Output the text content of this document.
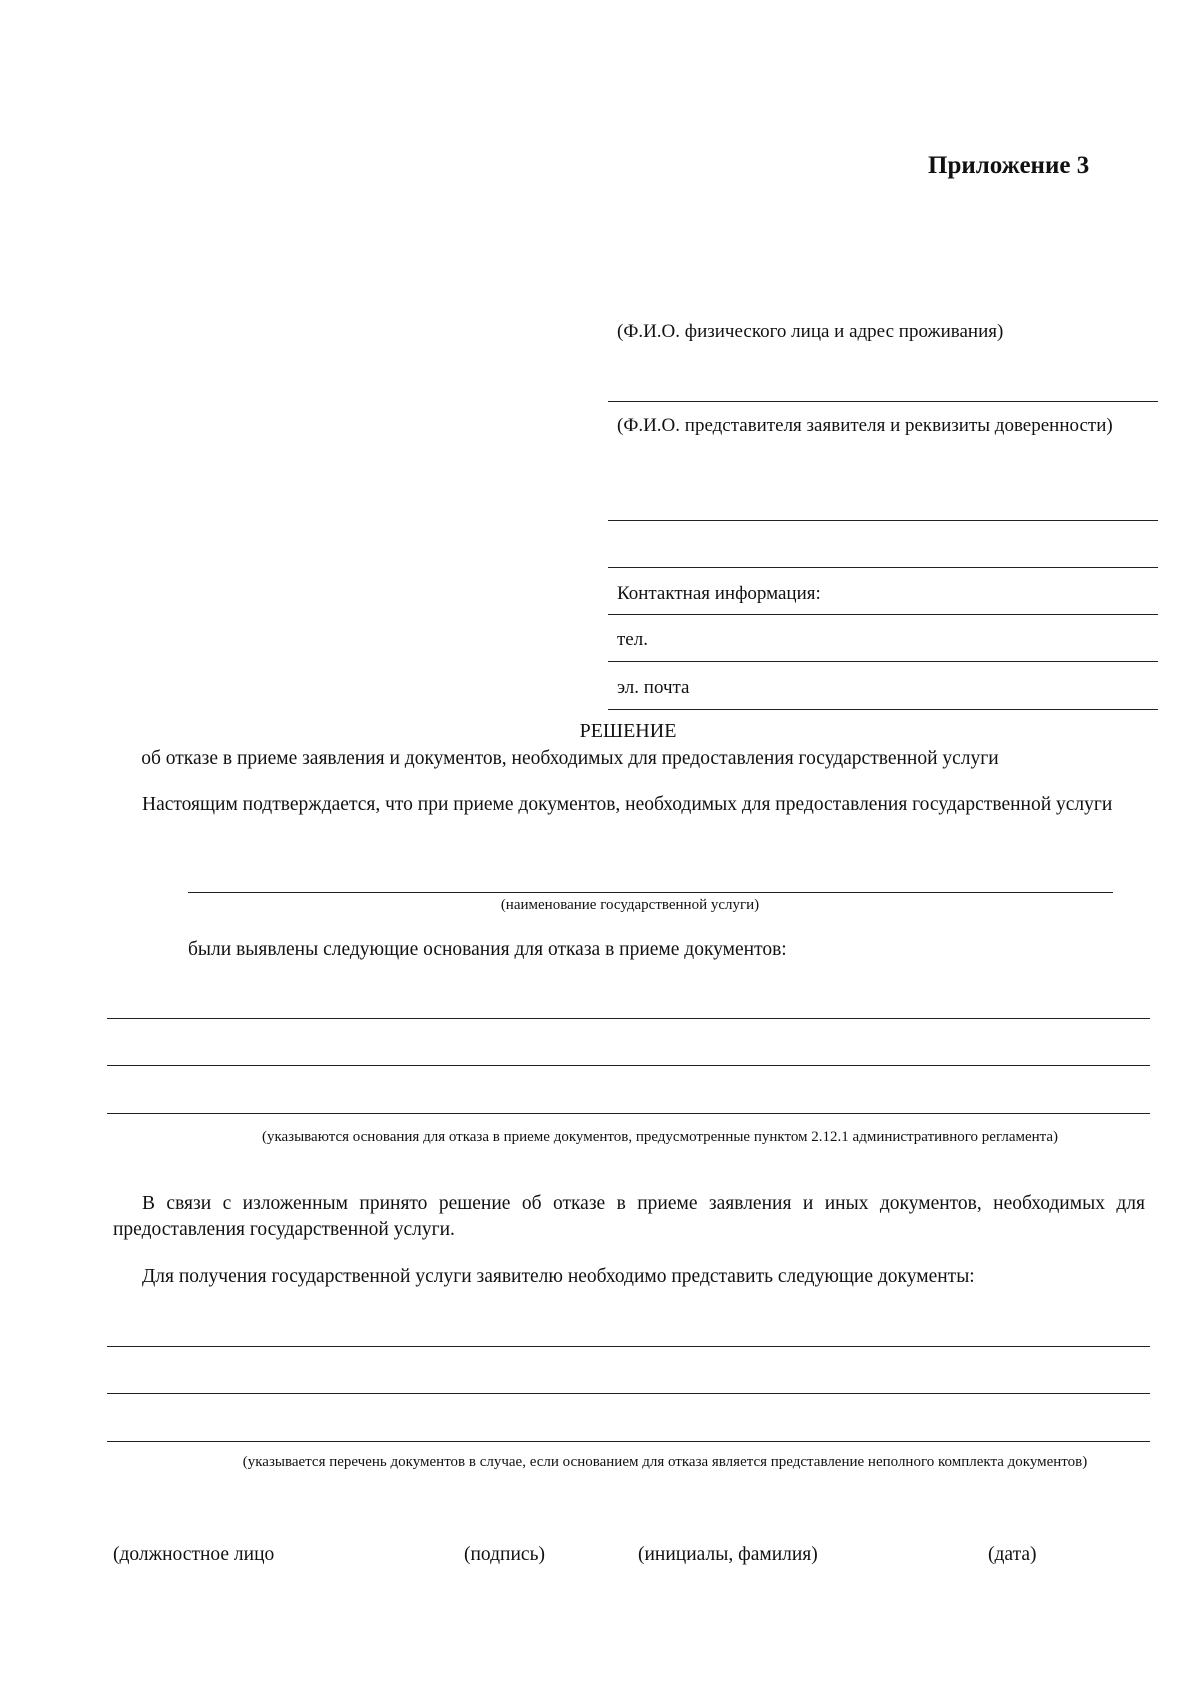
Приложение 3
(Ф.И.О. физического лица и адрес проживания)
(Ф.И.О. представителя заявителя и реквизиты доверенности)
Контактная информация:
тел.
эл. почта
РЕШЕНИЕ
об отказе в приеме заявления и документов, необходимых для предоставления государственной услуги
Настоящим подтверждается, что при приеме документов, необходимых для предоставления государственной услуги
(наименование государственной услуги)
были выявлены следующие основания для отказа в приеме документов:
(указываются основания для отказа в приеме документов, предусмотренные пунктом 2.12.1 административного регламента)
В связи с изложенным принято решение об отказе в приеме заявления и иных документов, необходимых для предоставления государственной услуги.
Для получения государственной услуги заявителю необходимо представить следующие документы:
(указывается перечень документов в случае, если основанием для отказа является представление неполного комплекта документов)
(должностное лицо	(подпись)	(инициалы, фамилия)	(дата)
